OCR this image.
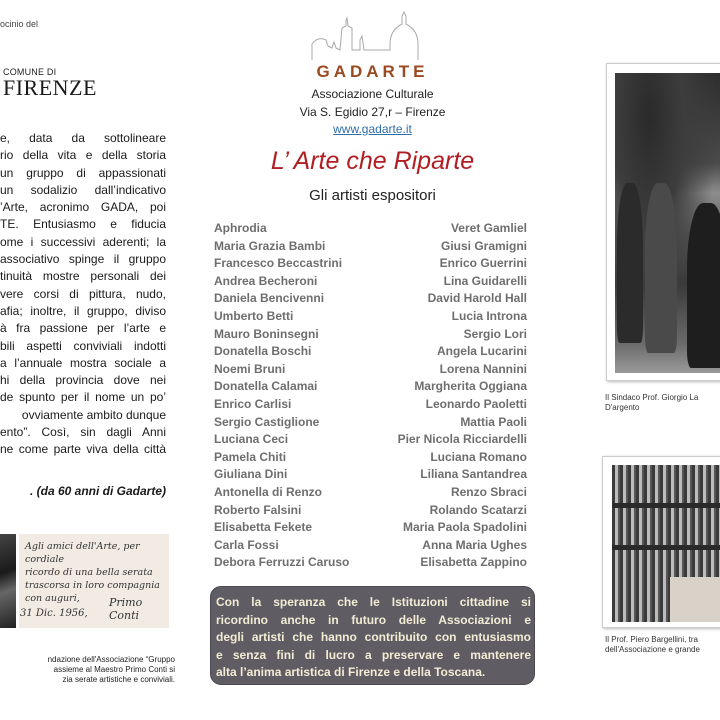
ocinio del
COMUNE DI
FIRENZE
e, data da sottolineare
rio della vita e della storia
un gruppo di appassionati
un sodalizio dall’indicativo
’Arte, acronimo GADA, poi
TE. Entusiasmo e fiducia
ome i successivi aderenti; la
associativo spinge il gruppo
tinuità mostre personali dei
vere corsi di pittura, nudo,
afia; inoltre, il gruppo, diviso
à fra passione per l’arte e
bili aspetti conviviali indotti
a l’annuale mostra sociale a
hi della provincia dove nei
de spunto per il nome un po’
ovviamente ambito dunque
ento”. Così, sin dagli Anni
ne come parte viva della città
. (da 60 anni di Gadarte)
Agli amici dell'Arte, per cordiale
ricordo di una bella serata
trascorsa in loro compagnia
con auguri,	Primo Conti
31 Dic. 1956,
ndazione dell'Associazione “Gruppo
assieme al Maestro Primo Conti si
zia serate artistiche e conviviali.
GADARTE
Associazione Culturale
Via S. Egidio 27,r – Firenze
www.gadarte.it
L’ Arte che Riparte
Gli artisti espositori
Aphrodia
Maria Grazia Bambi
Francesco Beccastrini
Andrea Becheroni
Daniela Bencivenni
Umberto Betti
Mauro Boninsegni
Donatella Boschi
Noemi Bruni
Donatella Calamai
Enrico Carlisi
Sergio Castiglione
Luciana Ceci
Pamela Chiti
Giuliana Dini
Antonella di Renzo
Roberto Falsini
Elisabetta Fekete
Carla Fossi
Debora Ferruzzi Caruso
Veret Gamliel
Giusi Gramigni
Enrico Guerrini
Lina Guidarelli
David Harold Hall
Lucia Introna
Sergio Lori
Angela Lucarini
Lorena Nannini
Margherita Oggiana
Leonardo Paoletti
Mattia Paoli
Pier Nicola Ricciardelli
Luciana Romano
Liliana Santandrea
Renzo Sbraci
Rolando Scatarzi
Maria Paola Spadolini
Anna Maria Ughes
Elisabetta Zappino
Con la speranza che le Istituzioni cittadine si
ricordino anche in futuro delle Associazioni e
degli artisti che hanno contribuito con entusiasmo
e senza fini di lucro a preservare e mantenere
alta l’anima artistica di Firenze e della Toscana.
Il Sindaco Prof. Giorgio La
D'argento
Il Prof. Piero Bargellini, tra
dell'Associazione e grande
